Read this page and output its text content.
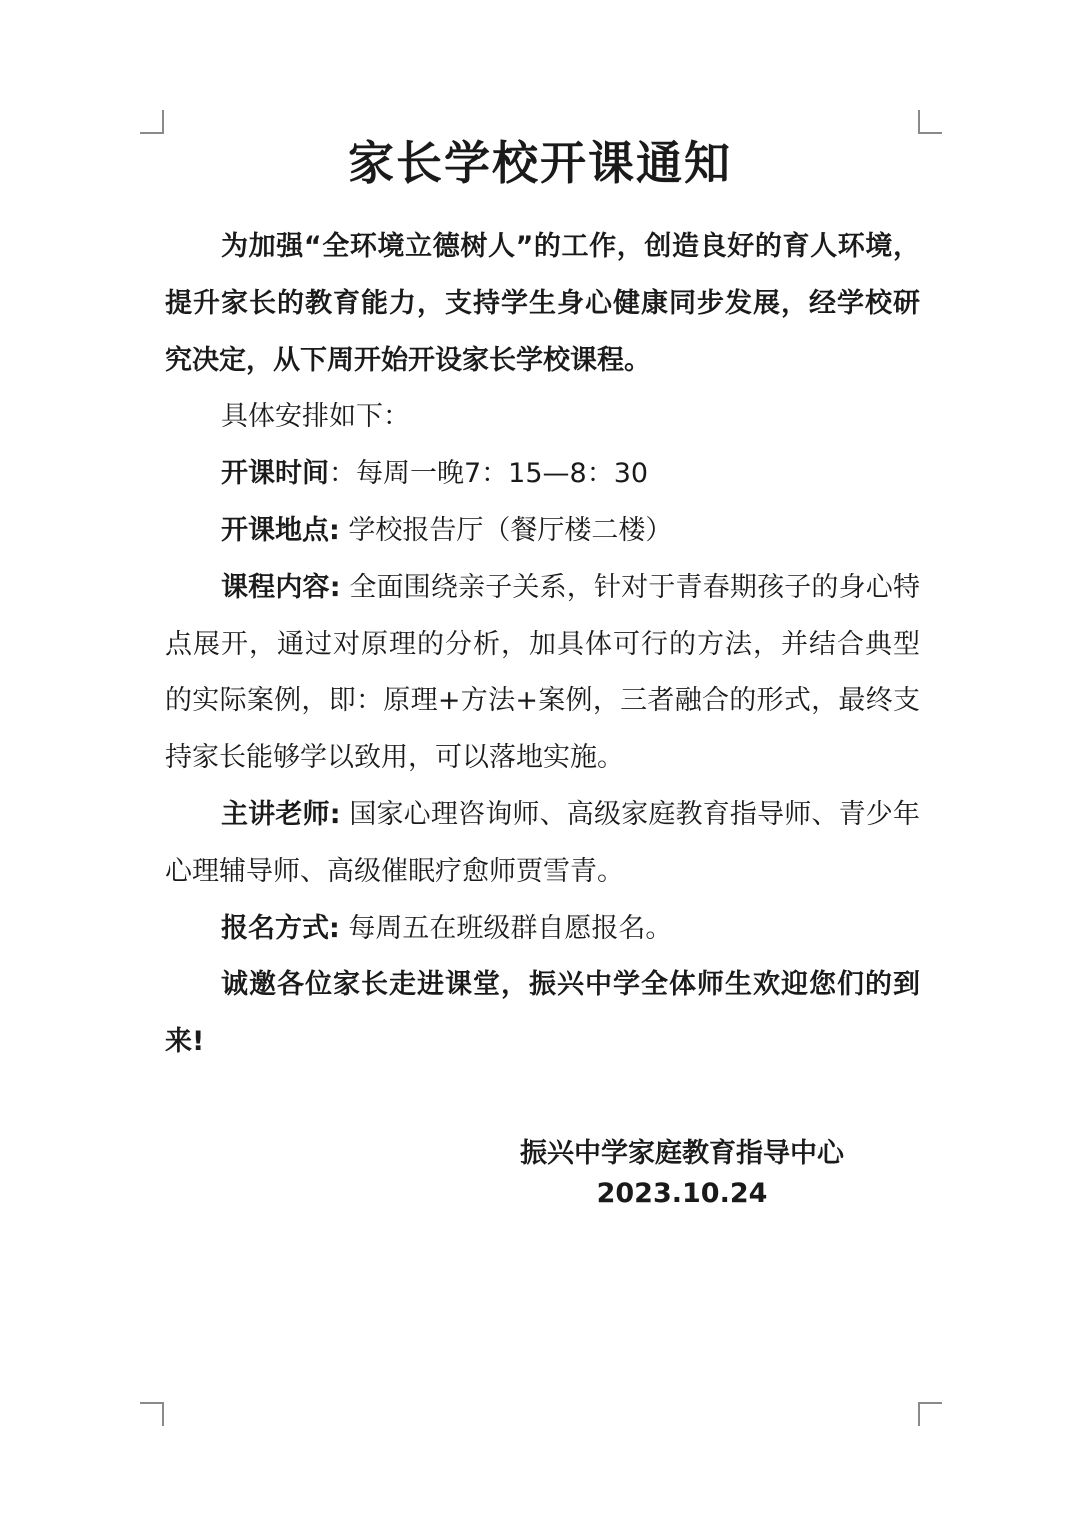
家长学校开课通知

为加强“全环境立德树人”的工作，创造良好的育人环境，提升家长的教育能力，支持学生身心健康同步发展，经学校研究决定，从下周开始开设家长学校课程。

具体安排如下：

开课时间：每周一晚7：15—8：30

开课地点: 学校报告厅（餐厅楼二楼）

课程内容: 全面围绕亲子关系，针对于青春期孩子的身心特点展开，通过对原理的分析，加具体可行的方法，并结合典型的实际案例，即：原理+方法+案例，三者融合的形式，最终支持家长能够学以致用，可以落地实施。

主讲老师: 国家心理咨询师、高级家庭教育指导师、青少年心理辅导师、高级催眠疗愈师贾雪青。

报名方式: 每周五在班级群自愿报名。

诚邀各位家长走进课堂，振兴中学全体师生欢迎您们的到来!

振兴中学家庭教育指导中心
2023.10.24
